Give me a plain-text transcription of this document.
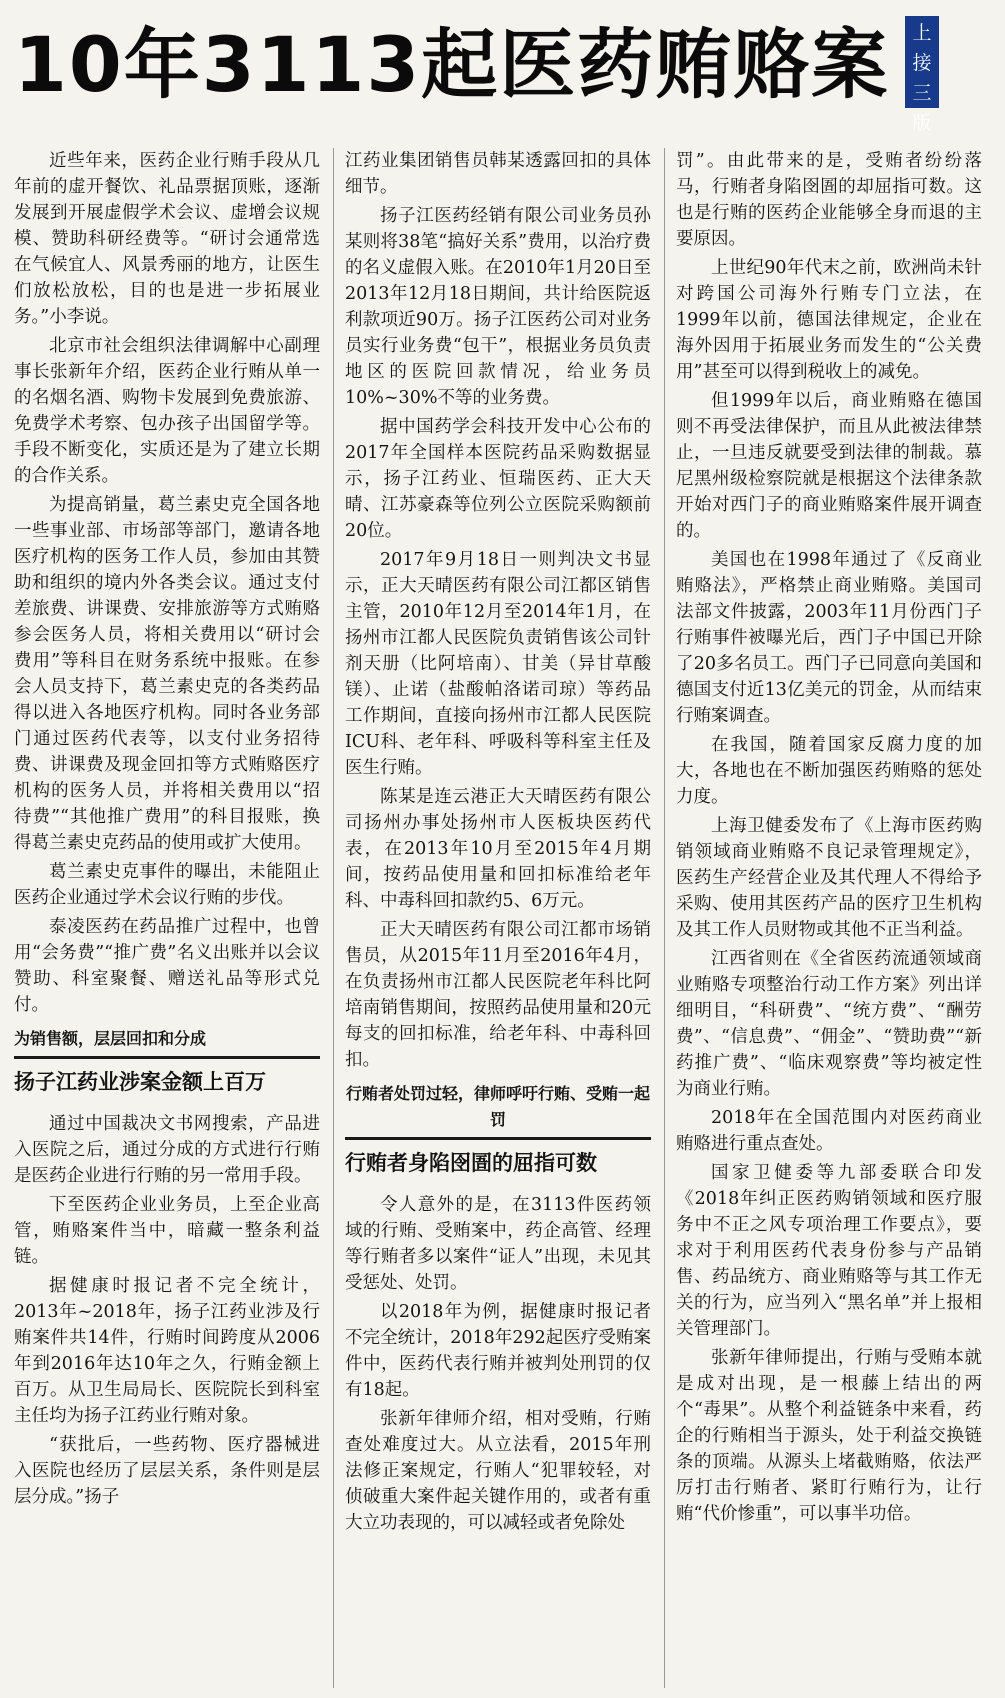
10年3113起医药贿赂案	上
接
三
版

近些年来，医药企业行贿手段从几年前的虚开餐饮、礼品票据顶账，逐渐发展到开展虚假学术会议、虚增会议规模、赞助科研经费等。“研讨会通常选在气候宜人、风景秀丽的地方，让医生们放松放松，目的也是进一步拓展业务。”小李说。

北京市社会组织法律调解中心副理事长张新年介绍，医药企业行贿从单一的名烟名酒、购物卡发展到免费旅游、免费学术考察、包办孩子出国留学等。手段不断变化，实质还是为了建立长期的合作关系。

为提高销量，葛兰素史克全国各地一些事业部、市场部等部门，邀请各地医疗机构的医务工作人员，参加由其赞助和组织的境内外各类会议。通过支付差旅费、讲课费、安排旅游等方式贿赂参会医务人员，将相关费用以“研讨会费用”等科目在财务系统中报账。在参会人员支持下，葛兰素史克的各类药品得以进入各地医疗机构。同时各业务部门通过医药代表等，以支付业务招待费、讲课费及现金回扣等方式贿赂医疗机构的医务人员，并将相关费用以“招待费”“其他推广费用”的科目报账，换得葛兰素史克药品的使用或扩大使用。

葛兰素史克事件的曝出，未能阻止医药企业通过学术会议行贿的步伐。

泰凌医药在药品推广过程中，也曾用“会务费”“推广费”名义出账并以会议赞助、科室聚餐、赠送礼品等形式兑付。

为销售额，层层回扣和分成
扬子江药业涉案金额上百万

通过中国裁决文书网搜索，产品进入医院之后，通过分成的方式进行行贿是医药企业进行行贿的另一常用手段。

下至医药企业业务员，上至企业高管，贿赂案件当中，暗藏一整条利益链。

据健康时报记者不完全统计，2013年~2018年，扬子江药业涉及行贿案件共14件，行贿时间跨度从2006年到2016年达10年之久，行贿金额上百万。从卫生局局长、医院院长到科室主任均为扬子江药业行贿对象。

“获批后，一些药物、医疗器械进入医院也经历了层层关系，条件则是层层分成。”扬子

江药业集团销售员韩某透露回扣的具体细节。

扬子江医药经销有限公司业务员孙某则将38笔“搞好关系”费用，以治疗费的名义虚假入账。在2010年1月20日至2013年12月18日期间，共计给医院返利款项近90万。扬子江医药公司对业务员实行业务费“包干”，根据业务员负责地区的医院回款情况，给业务员10%~30%不等的业务费。

据中国药学会科技开发中心公布的2017年全国样本医院药品采购数据显示，扬子江药业、恒瑞医药、正大天晴、江苏豪森等位列公立医院采购额前20位。

2017年9月18日一则判决文书显示，正大天晴医药有限公司江都区销售主管，2010年12月至2014年1月，在扬州市江都人民医院负责销售该公司针剂天册（比阿培南）、甘美（异甘草酸镁）、止诺（盐酸帕洛诺司琼）等药品工作期间，直接向扬州市江都人民医院ICU科、老年科、呼吸科等科室主任及医生行贿。

陈某是连云港正大天晴医药有限公司扬州办事处扬州市人医板块医药代表，在2013年10月至2015年4月期间，按药品使用量和回扣标准给老年科、中毒科回扣款约5、6万元。

正大天晴医药有限公司江都市场销售员，从2015年11月至2016年4月，在负责扬州市江都人民医院老年科比阿培南销售期间，按照药品使用量和20元每支的回扣标准，给老年科、中毒科回扣。

行贿者处罚过轻，律师呼吁行贿、受贿一起罚
行贿者身陷囹圄的屈指可数

令人意外的是，在3113件医药领域的行贿、受贿案中，药企高管、经理等行贿者多以案件“证人”出现，未见其受惩处、处罚。

以2018年为例，据健康时报记者不完全统计，2018年292起医疗受贿案件中，医药代表行贿并被判处刑罚的仅有18起。

张新年律师介绍，相对受贿，行贿查处难度过大。从立法看，2015年刑法修正案规定，行贿人“犯罪较轻，对侦破重大案件起关键作用的，或者有重大立功表现的，可以减轻或者免除处

罚”。由此带来的是，受贿者纷纷落马，行贿者身陷囹圄的却屈指可数。这也是行贿的医药企业能够全身而退的主要原因。

上世纪90年代末之前，欧洲尚未针对跨国公司海外行贿专门立法，在1999年以前，德国法律规定，企业在海外因用于拓展业务而发生的“公关费用”甚至可以得到税收上的减免。

但1999年以后，商业贿赂在德国则不再受法律保护，而且从此被法律禁止，一旦违反就要受到法律的制裁。慕尼黑州级检察院就是根据这个法律条款开始对西门子的商业贿赂案件展开调查的。

美国也在1998年通过了《反商业贿赂法》，严格禁止商业贿赂。美国司法部文件披露，2003年11月份西门子行贿事件被曝光后，西门子中国已开除了20多名员工。西门子已同意向美国和德国支付近13亿美元的罚金，从而结束行贿案调查。

在我国，随着国家反腐力度的加大，各地也在不断加强医药贿赂的惩处力度。

上海卫健委发布了《上海市医药购销领域商业贿赂不良记录管理规定》，医药生产经营企业及其代理人不得给予采购、使用其医药产品的医疗卫生机构及其工作人员财物或其他不正当利益。

江西省则在《全省医药流通领域商业贿赂专项整治行动工作方案》列出详细明目，“科研费”、“统方费”、“酬劳费”、“信息费”、“佣金”、“赞助费”“新药推广费”、“临床观察费”等均被定性为商业行贿。

2018年在全国范围内对医药商业贿赂进行重点查处。

国家卫健委等九部委联合印发《2018年纠正医药购销领域和医疗服务中不正之风专项治理工作要点》，要求对于利用医药代表身份参与产品销售、药品统方、商业贿赂等与其工作无关的行为，应当列入“黑名单”并上报相关管理部门。

张新年律师提出，行贿与受贿本就是成对出现，是一根藤上结出的两个“毒果”。从整个利益链条中来看，药企的行贿相当于源头，处于利益交换链条的顶端。从源头上堵截贿赂，依法严厉打击行贿者、紧盯行贿行为，让行贿“代价惨重”，可以事半功倍。
